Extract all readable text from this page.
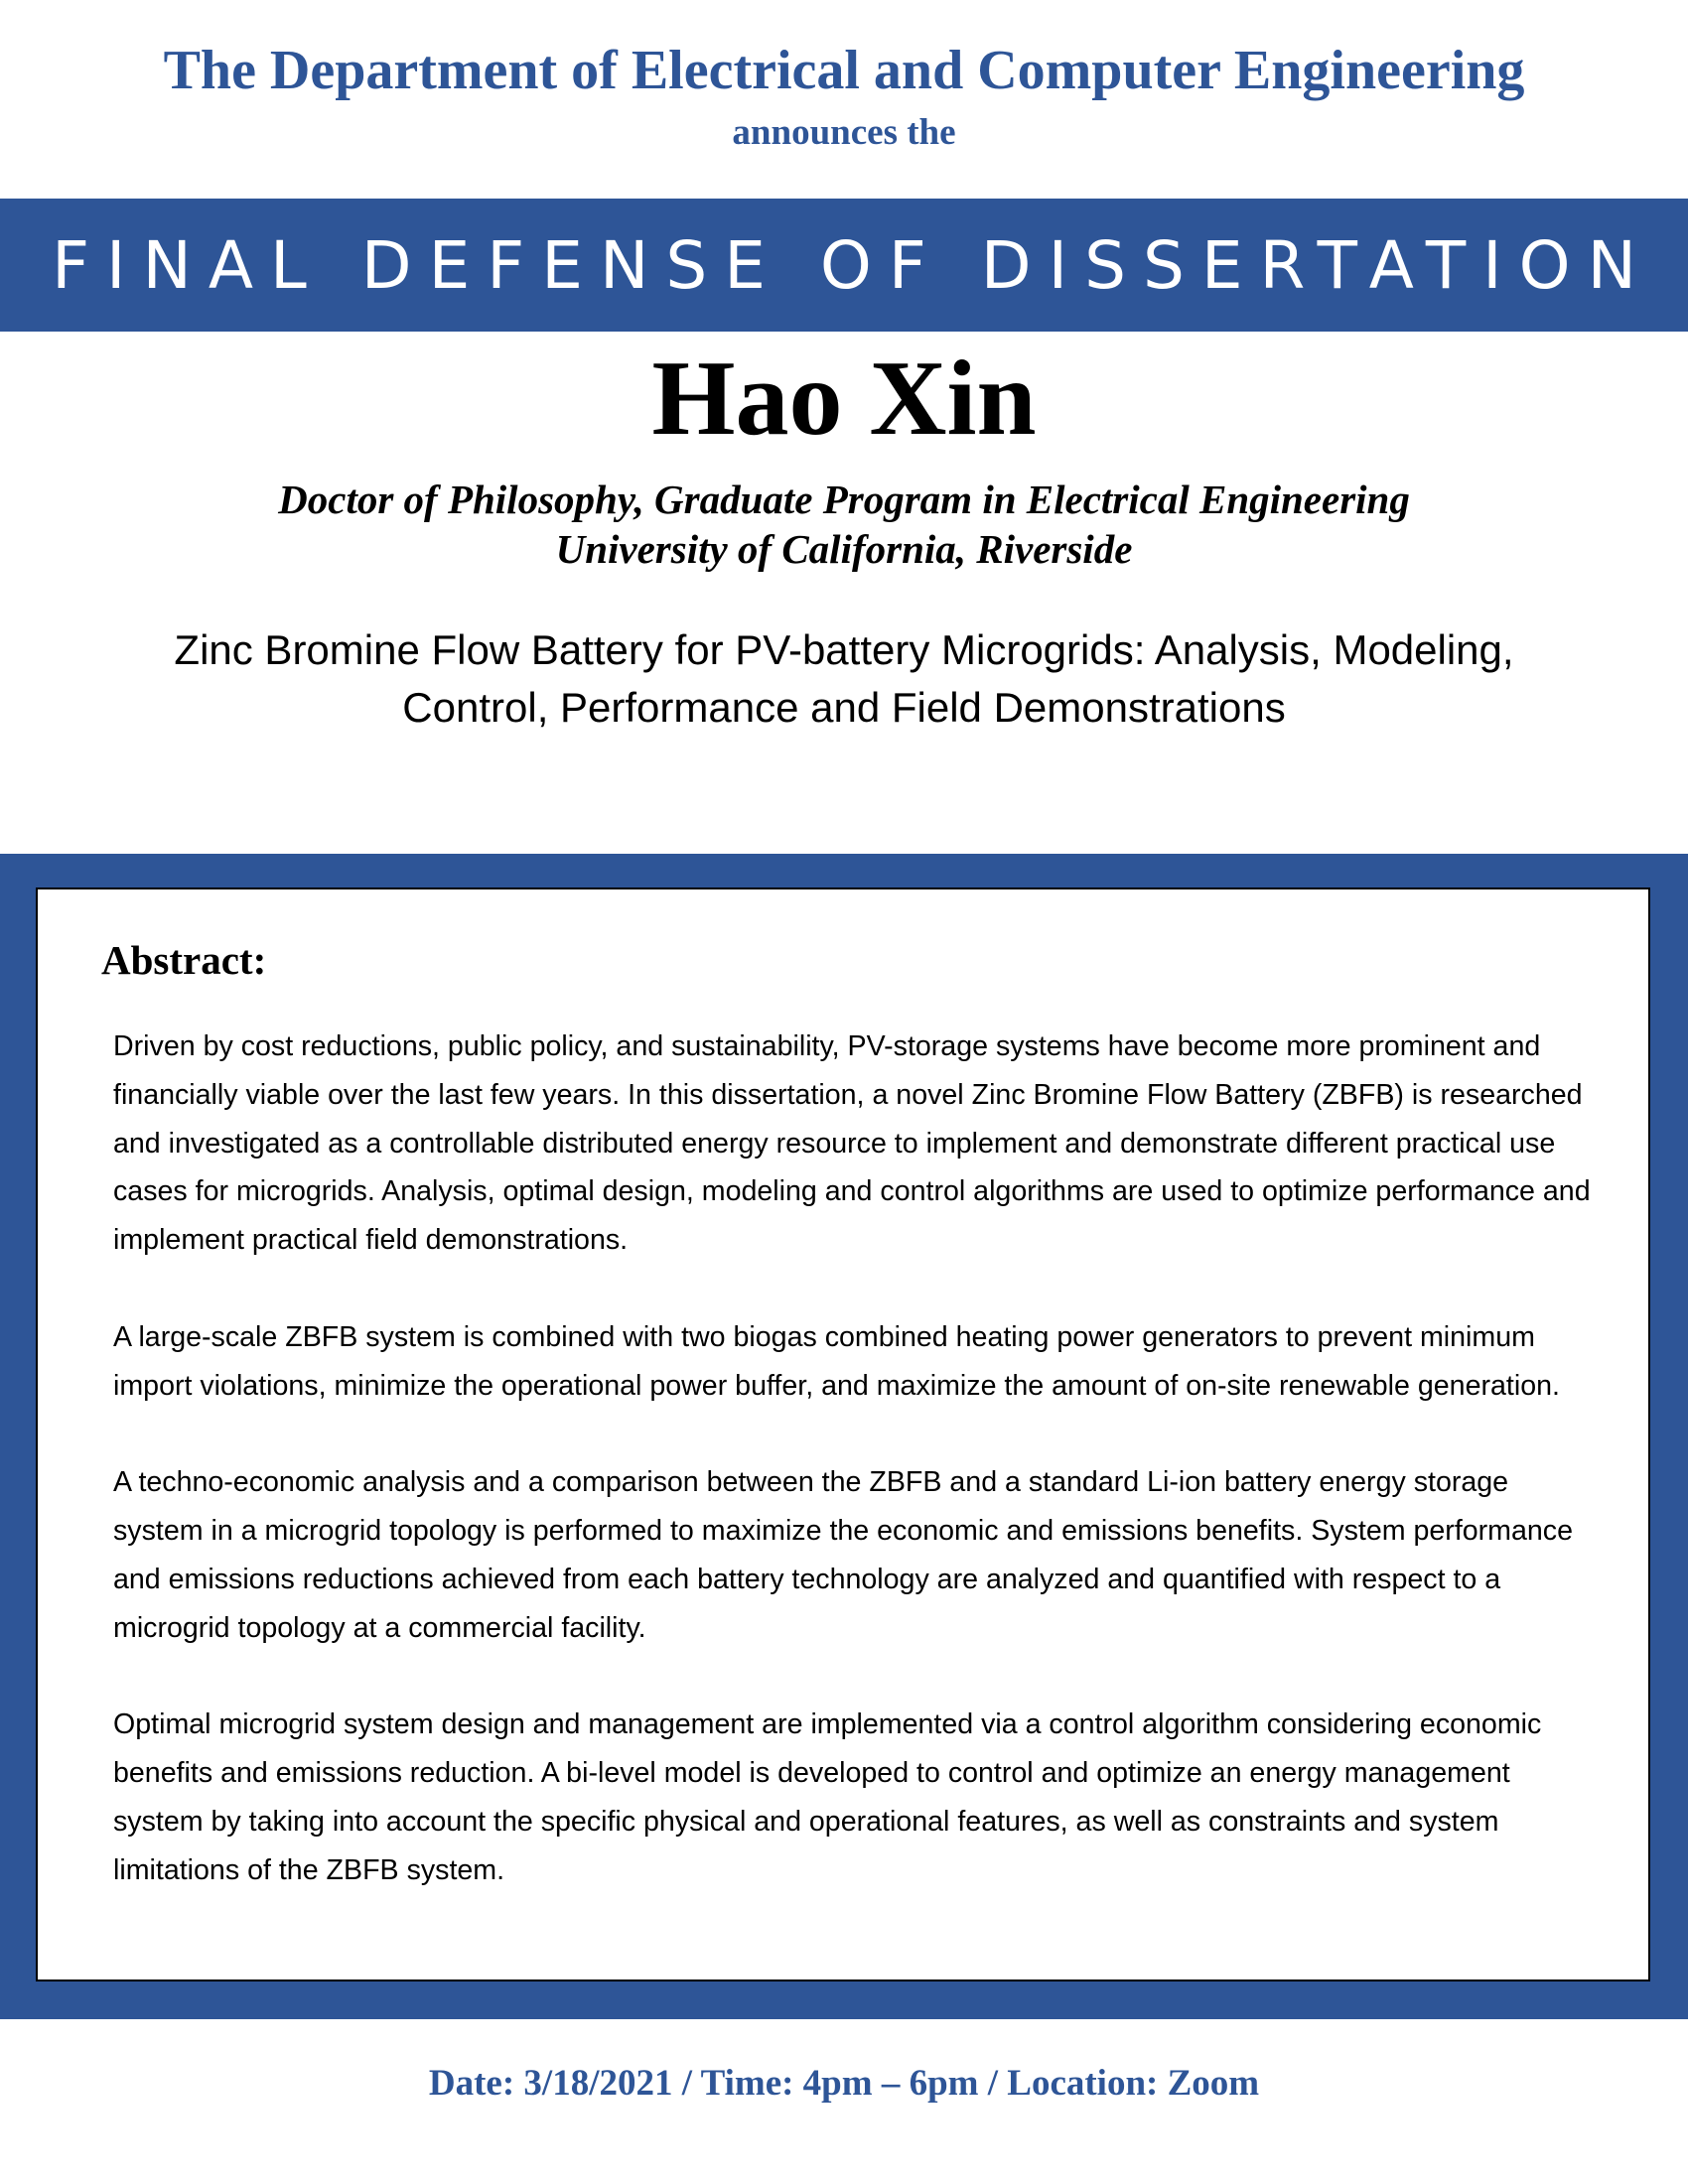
The Department of Electrical and Computer Engineering
announces the
FINAL DEFENSE OF DISSERTATION
Hao Xin
Doctor of Philosophy, Graduate Program in Electrical Engineering
University of California, Riverside
Zinc Bromine Flow Battery for PV-battery Microgrids: Analysis, Modeling,
Control, Performance and Field Demonstrations
Abstract:

Driven by cost reductions, public policy, and sustainability, PV-storage systems have become more prominent and financially viable over the last few years. In this dissertation, a novel Zinc Bromine Flow Battery (ZBFB) is researched and investigated as a controllable distributed energy resource to implement and demonstrate different practical use cases for microgrids. Analysis, optimal design, modeling and control algorithms are used to optimize performance and implement practical field demonstrations.

A large-scale ZBFB system is combined with two biogas combined heating power generators to prevent minimum import violations, minimize the operational power buffer, and maximize the amount of on-site renewable generation.

A techno-economic analysis and a comparison between the ZBFB and a standard Li-ion battery energy storage system in a microgrid topology is performed to maximize the economic and emissions benefits. System performance and emissions reductions achieved from each battery technology are analyzed and quantified with respect to a microgrid topology at a commercial facility.

Optimal microgrid system design and management are implemented via a control algorithm considering economic benefits and emissions reduction. A bi-level model is developed to control and optimize an energy management system by taking into account the specific physical and operational features, as well as constraints and system limitations of the ZBFB system.

Date: 3/18/2021 / Time: 4pm – 6pm / Location: Zoom
